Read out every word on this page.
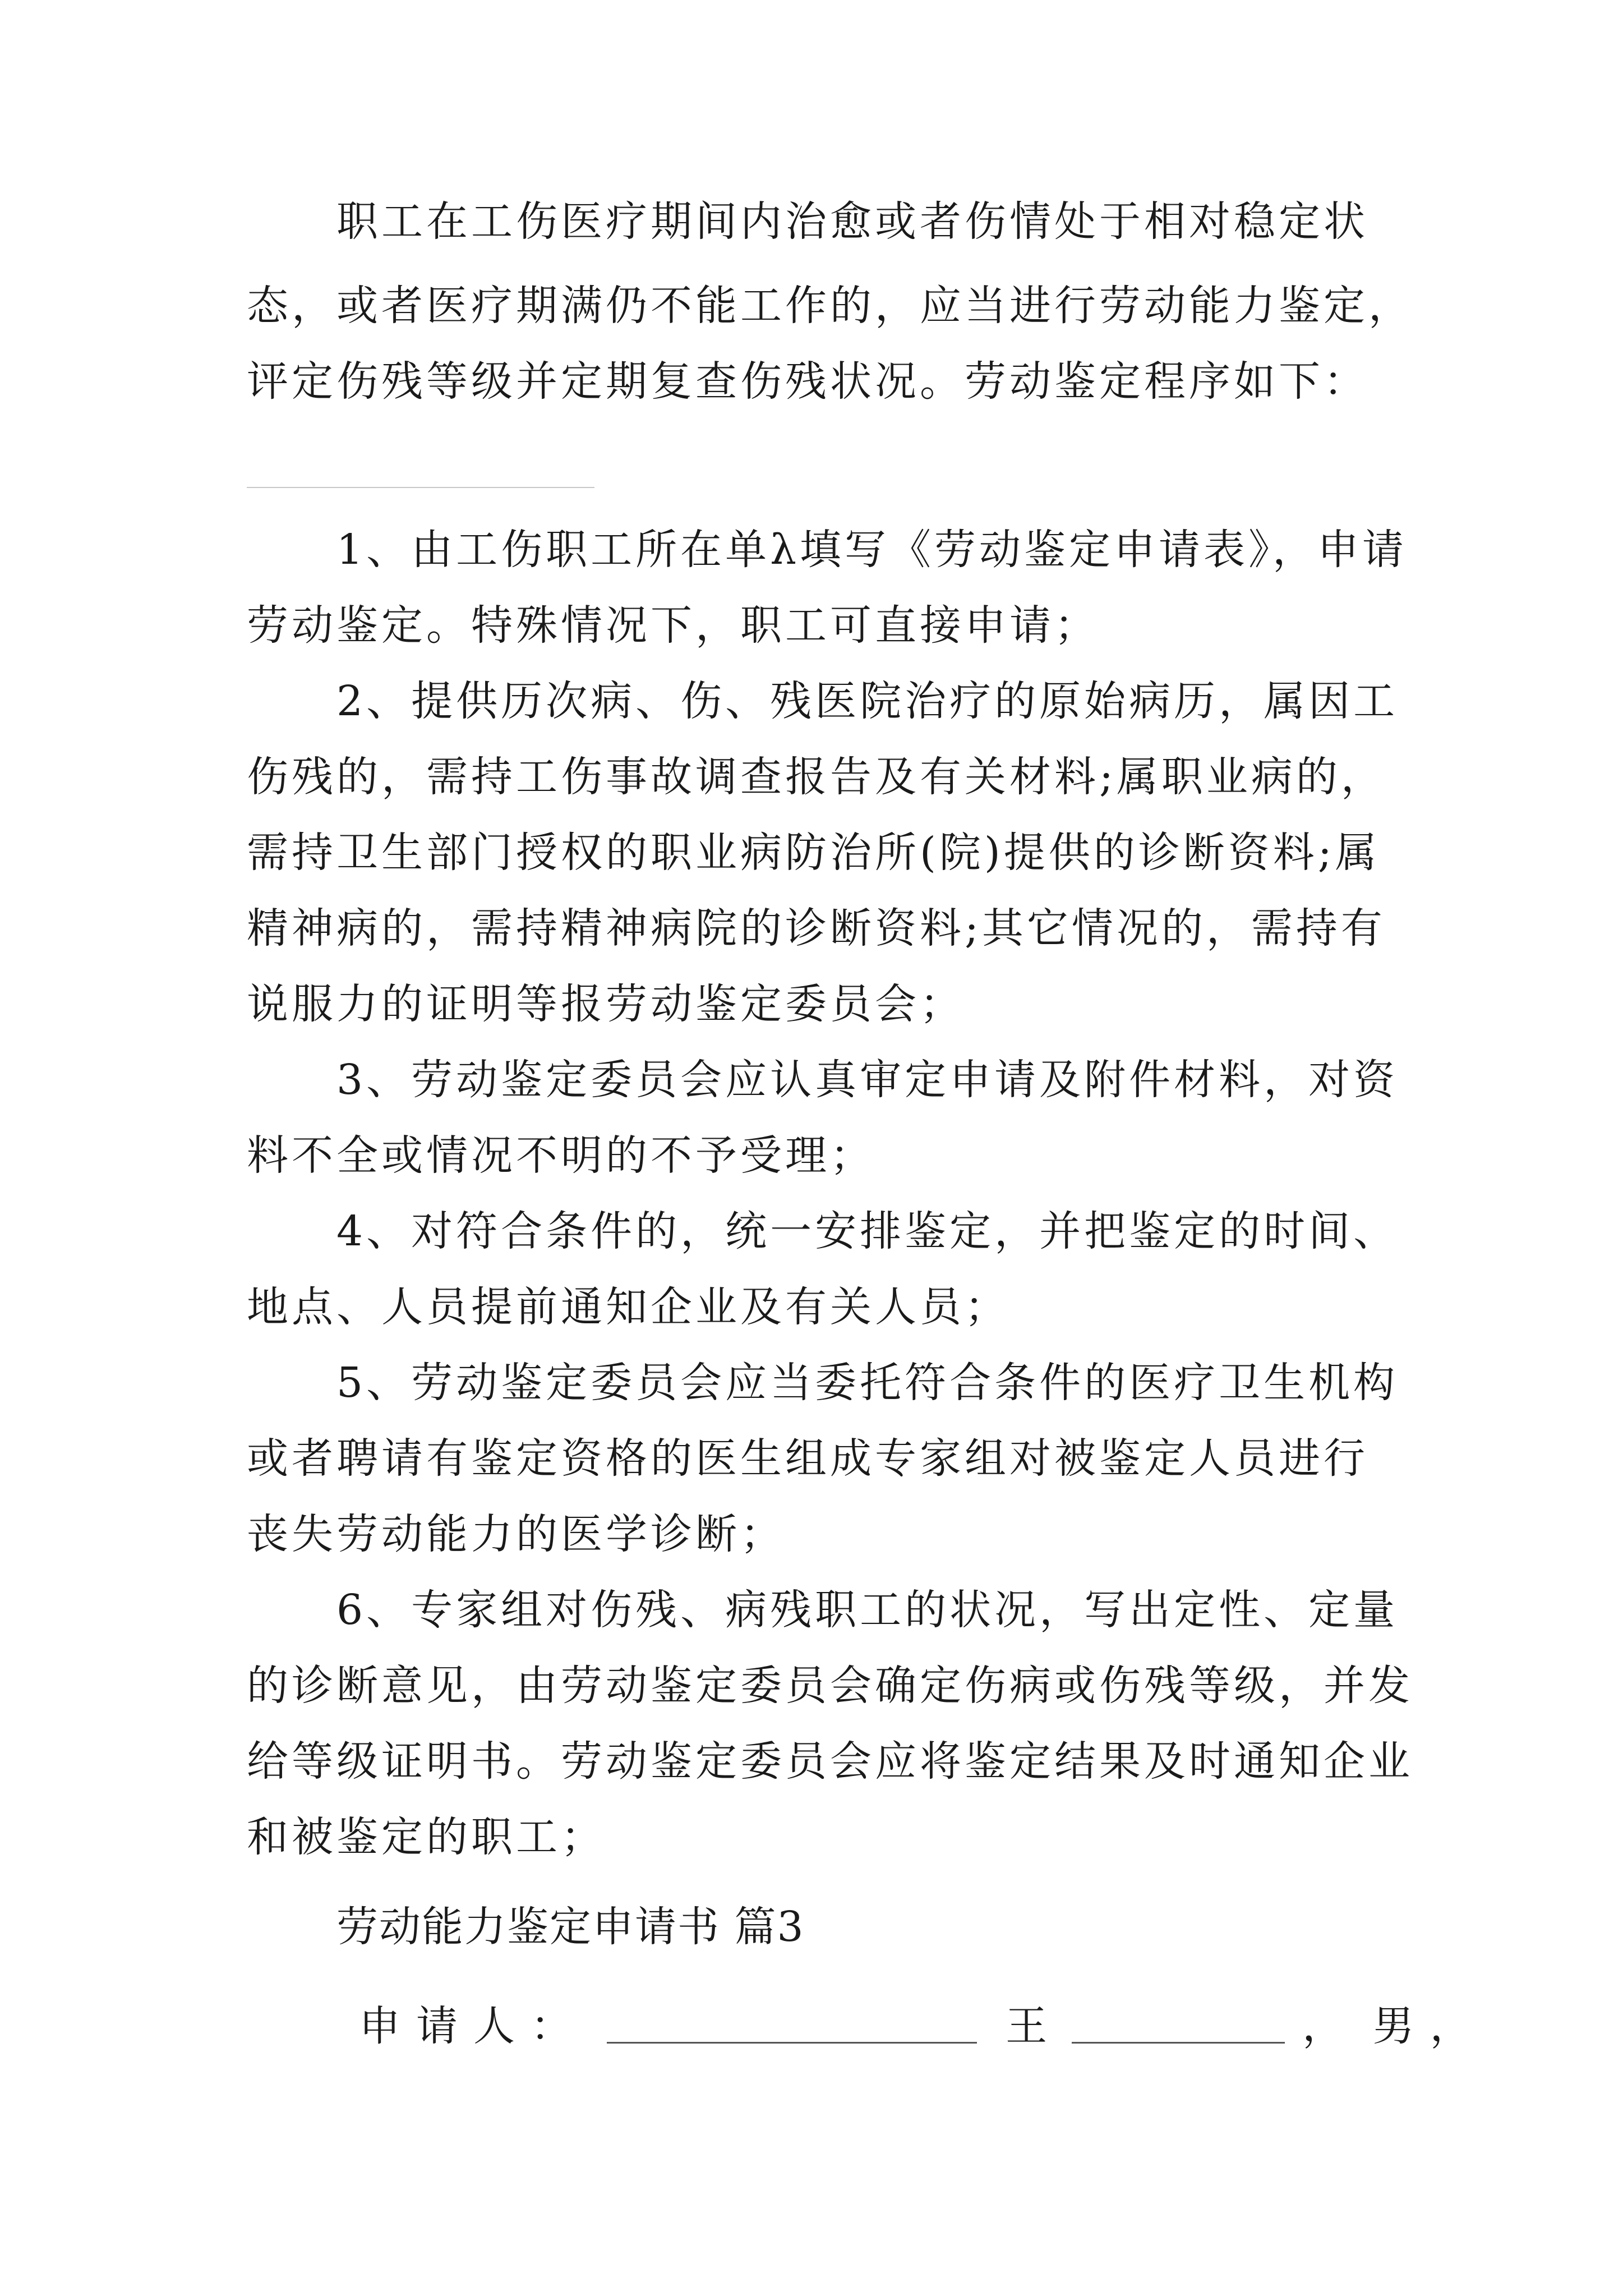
职工在工伤医疗期间内治愈或者伤情处于相对稳定状

态，或者医疗期满仍不能工作的，应当进行劳动能力鉴定，

评定伤残等级并定期复查伤残状况。劳动鉴定程序如下：

1、由工伤职工所在单λ填写《劳动鉴定申请表》，申请

劳动鉴定。特殊情况下，职工可直接申请；

2、提供历次病、伤、残医院治疗的原始病历，属因工

伤残的，需持工伤事故调查报告及有关材料;属职业病的，

需持卫生部门授权的职业病防治所(院)提供的诊断资料;属

精神病的，需持精神病院的诊断资料;其它情况的，需持有

说服力的证明等报劳动鉴定委员会；

3、劳动鉴定委员会应认真审定申请及附件材料，对资

料不全或情况不明的不予受理；

4、对符合条件的，统一安排鉴定，并把鉴定的时间、

地点、人员提前通知企业及有关人员；

5、劳动鉴定委员会应当委托符合条件的医疗卫生机构

或者聘请有鉴定资格的医生组成专家组对被鉴定人员进行

丧失劳动能力的医学诊断；

6、专家组对伤残、病残职工的状况，写出定性、定量

的诊断意见，由劳动鉴定委员会确定伤病或伤残等级，并发

给等级证明书。劳动鉴定委员会应将鉴定结果及时通知企业

和被鉴定的职工；

劳动能力鉴定申请书 篇3

申请人：	王	， 男，
